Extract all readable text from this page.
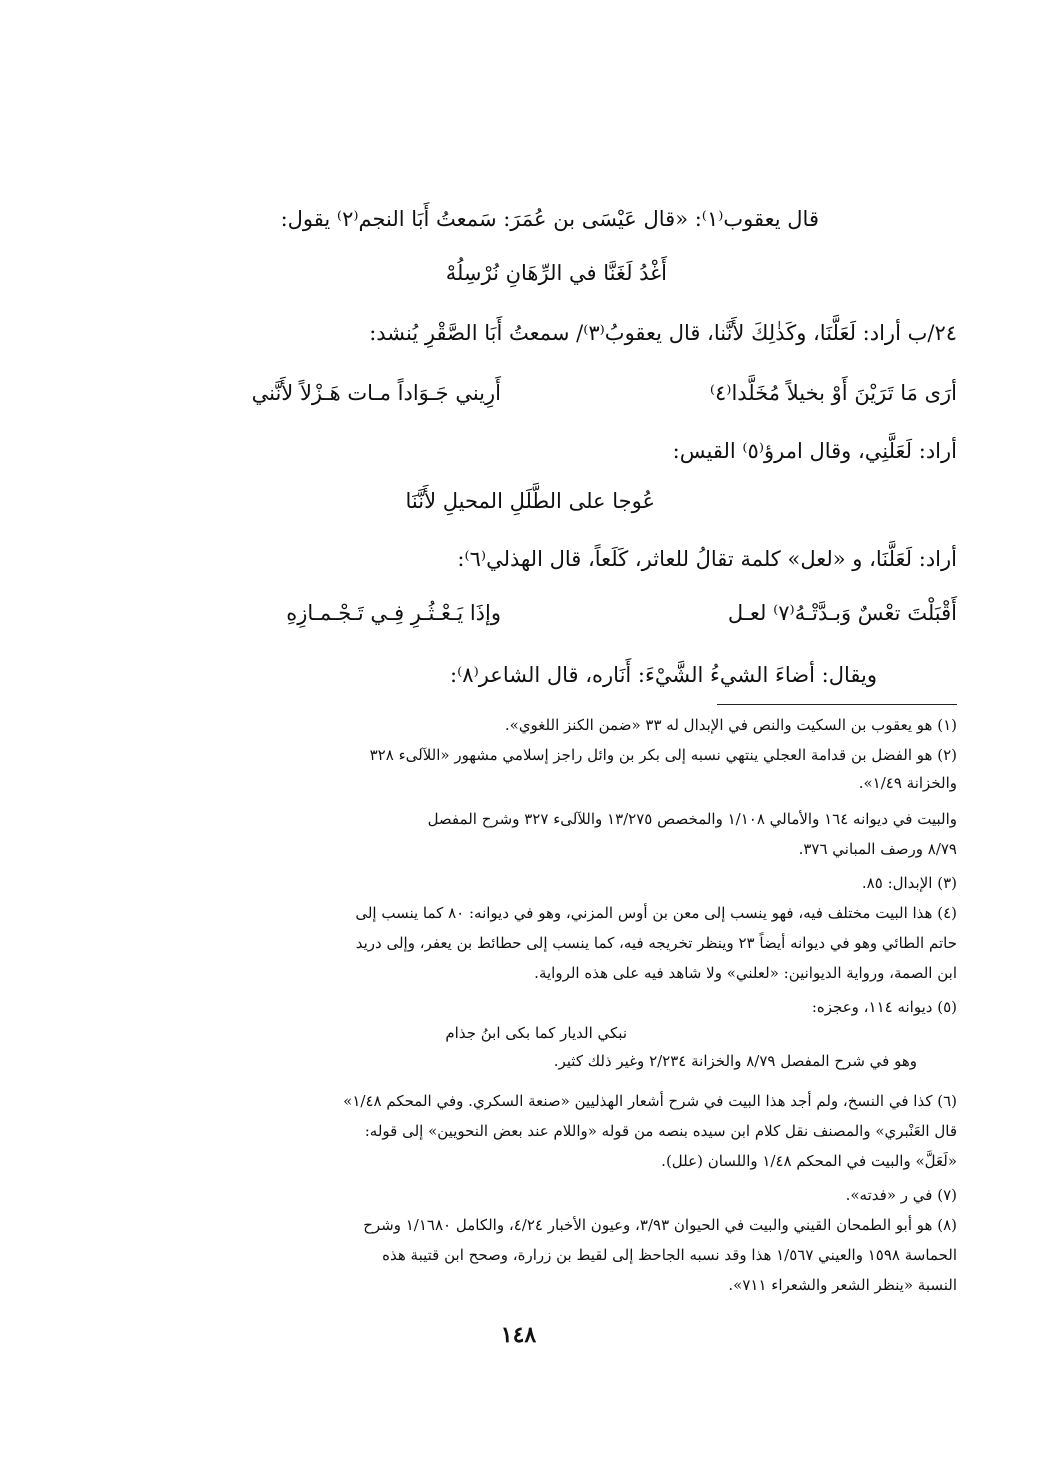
قال يعقوب⁽١⁾: «قال عَيْسَى بن عُمَرَ: سَمعتُ أَبَا النجم⁽٢⁾ يقول:
أَغْدُ لَغَنَّا في الرِّهَانِ نُرْسِلُهْ
٢٤/ب أراد: لَعَلَّنَا، وكَذٰلِكَ لأَنَّنا، قال يعقوبُ⁽٣⁾/ سمعتُ أَبَا الصَّقْرِ يُنشد:
أرَى مَا تَرَيْنَ أَوْ بخيلاً مُخَلَّدا⁽٤⁾
أَرِيني جَـوَاداً مـات هَـزْلاً لأَنَّني
أراد: لَعَلَّنِي، وقال امرؤ⁽٥⁾ القيس:
عُوجا على الطَّلَلِ المحيلِ لأَنَّنَا
أراد: لَعَلَّنَا، و «لعل» كلمة تقالُ للعاثر، كَلَعاً، قال الهذلي⁽٦⁾:
أَقْبَلْتَ تعْسٌ وَبـدَّتْـهُ⁽٧⁾ لعـل
وإذَا يَـعْـثُـرِ فِـي تَـجْـمـازِهِ
ويقال: أضاءَ الشيءُ الشَّيْءَ: أَنَاره، قال الشاعر⁽٨⁾:
(١) هو يعقوب بن السكيت والنص في الإبدال له ٣٣ «ضمن الكنز اللغوي».
(٢) هو الفضل بن قدامة العجلي ينتهي نسبه إلى بكر بن وائل راجز إسلامي مشهور «اللآلىء ٣٢٨
والخزانة ١/٤٩».
والبيت في ديوانه ١٦٤ والأمالي ١/١٠٨ والمخصص ١٣/٢٧٥ واللآلىء ٣٢٧ وشرح المفصل
٨/٧٩ ورصف المباني ٣٧٦.
(٣) الإبدال: ٨٥.
(٤) هذا البيت مختلف فيه، فهو ينسب إلى معن بن أوس المزني، وهو في ديوانه: ٨٠ كما ينسب إلى
حاتم الطائي وهو في ديوانه أيضاً ٢٣ وينظر تخريجه فيه، كما ينسب إلى حطائط بن يعفر، وإلى دريد
ابن الصمة، ورواية الديوانين: «لعلني» ولا شاهد فيه على هذه الرواية.
(٥) ديوانه ١١٤، وعجزه:
نبكي الديار كما بكى ابنُ جذام
وهو في شرح المفصل ٨/٧٩ والخزانة ٢/٢٣٤ وغير ذلك كثير.
(٦) كذا في النسخ، ولم أجد هذا البيت في شرح أشعار الهذليين «صنعة السكري. وفي المحكم ١/٤٨»
قال العَنْبري» والمصنف نقل كلام ابن سيده بنصه من قوله «واللام عند بعض النحويين» إلى قوله:
«لَعَلَّ» والبيت في المحكم ١/٤٨ واللسان (علل).
(٧) في ر «فدته».
(٨) هو أبو الطمحان القيني والبيت في الحيوان ٣/٩٣، وعيون الأخبار ٤/٢٤، والكامل ١/١٦٨٠ وشرح
الحماسة ١٥٩٨ والعيني ١/٥٦٧ هذا وقد نسبه الجاحظ إلى لقيط بن زرارة، وصحح ابن قتيبة هذه
النسبة «ينظر الشعر والشعراء ٧١١».
١٤٨
